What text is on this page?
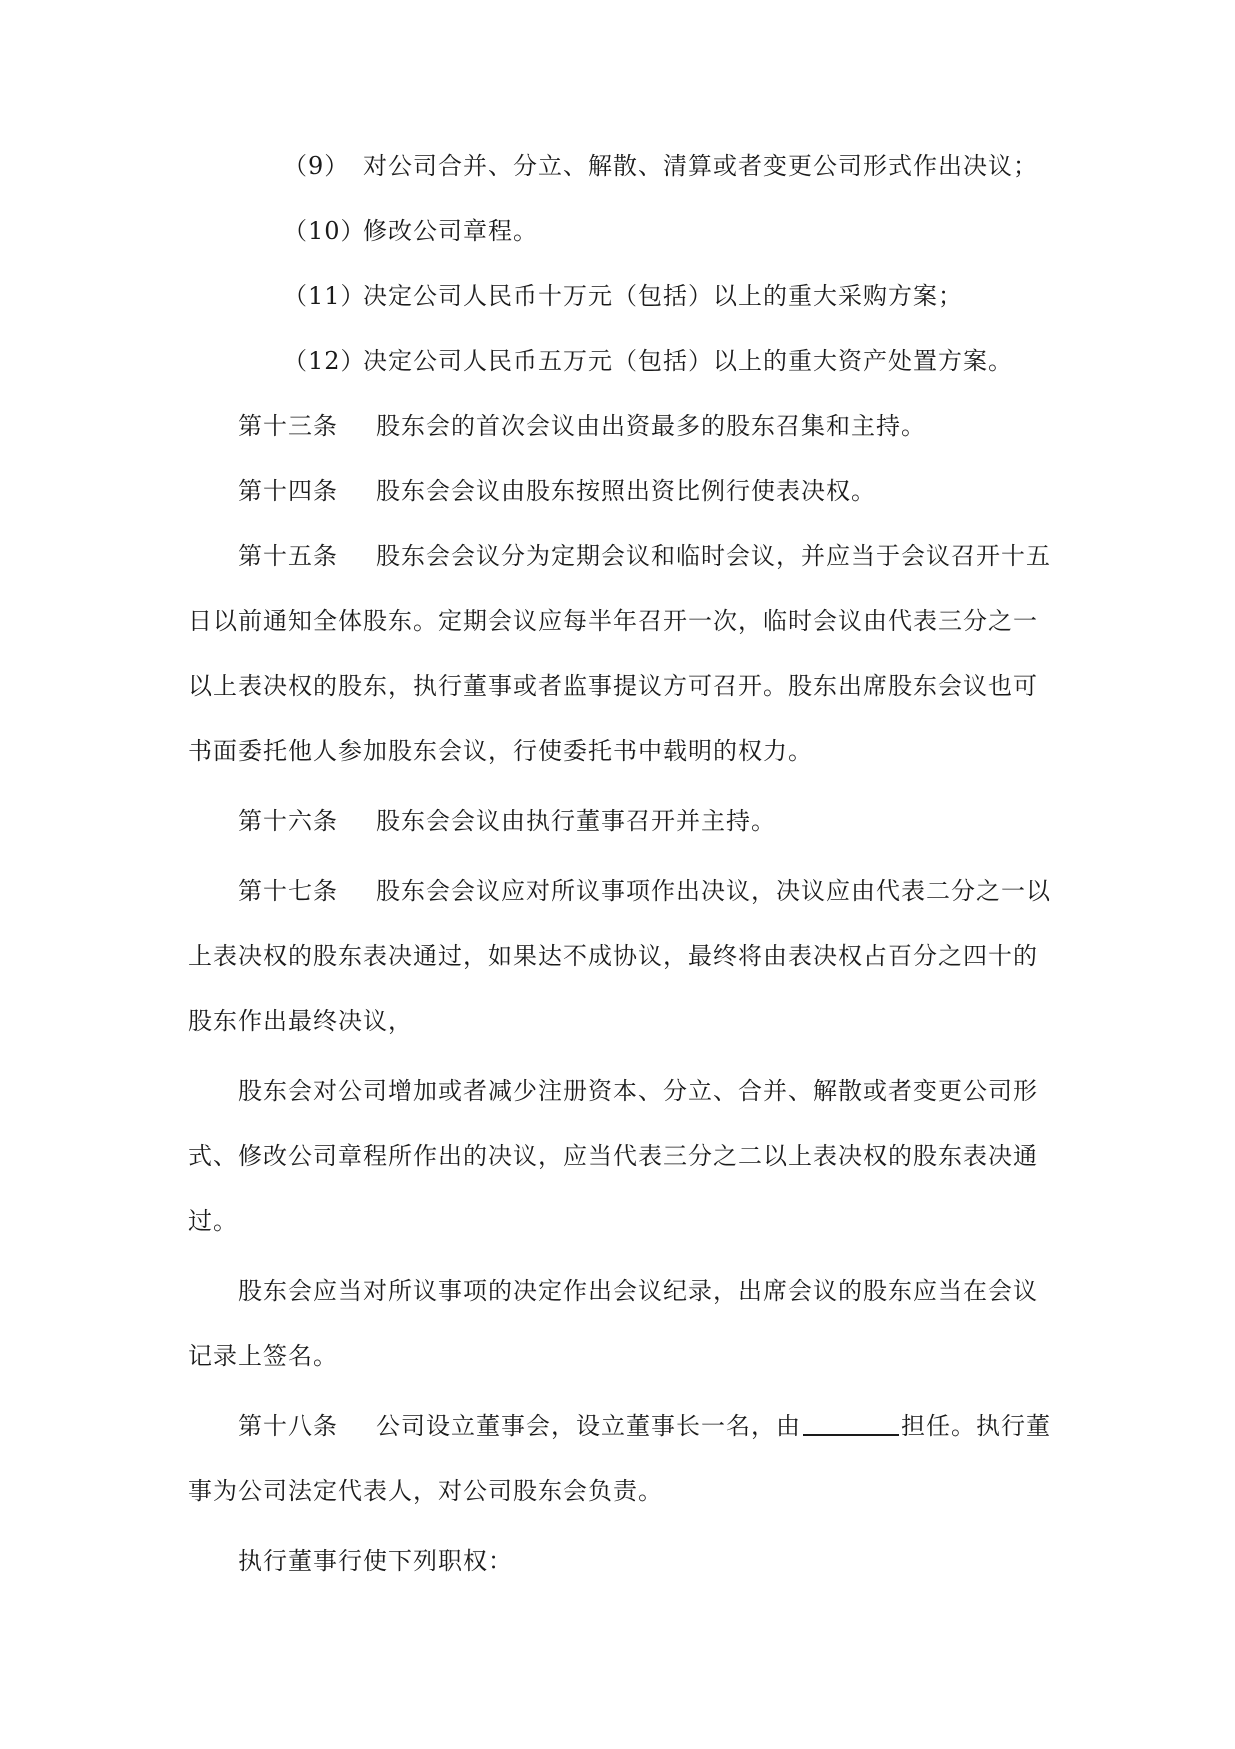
（9） 对公司合并、分立、解散、清算或者变更公司形式作出决议；
（10）修改公司章程。
（11）决定公司人民币十万元（包括）以上的重大采购方案；
（12）决定公司人民币五万元（包括）以上的重大资产处置方案。
第十三条 股东会的首次会议由出资最多的股东召集和主持。
第十四条 股东会会议由股东按照出资比例行使表决权。
第十五条 股东会会议分为定期会议和临时会议，并应当于会议召开十五
日以前通知全体股东。定期会议应每半年召开一次，临时会议由代表三分之一
以上表决权的股东，执行董事或者监事提议方可召开。股东出席股东会议也可
书面委托他人参加股东会议，行使委托书中载明的权力。
第十六条 股东会会议由执行董事召开并主持。
第十七条 股东会会议应对所议事项作出决议，决议应由代表二分之一以
上表决权的股东表决通过，如果达不成协议，最终将由表决权占百分之四十的
股东作出最终决议，
股东会对公司增加或者减少注册资本、分立、合并、解散或者变更公司形
式、修改公司章程所作出的决议，应当代表三分之二以上表决权的股东表决通
过。
股东会应当对所议事项的决定作出会议纪录，出席会议的股东应当在会议
记录上签名。
第十八条 公司设立董事会，设立董事长一名，由	担任。执行董
事为公司法定代表人，对公司股东会负责。
执行董事行使下列职权：
